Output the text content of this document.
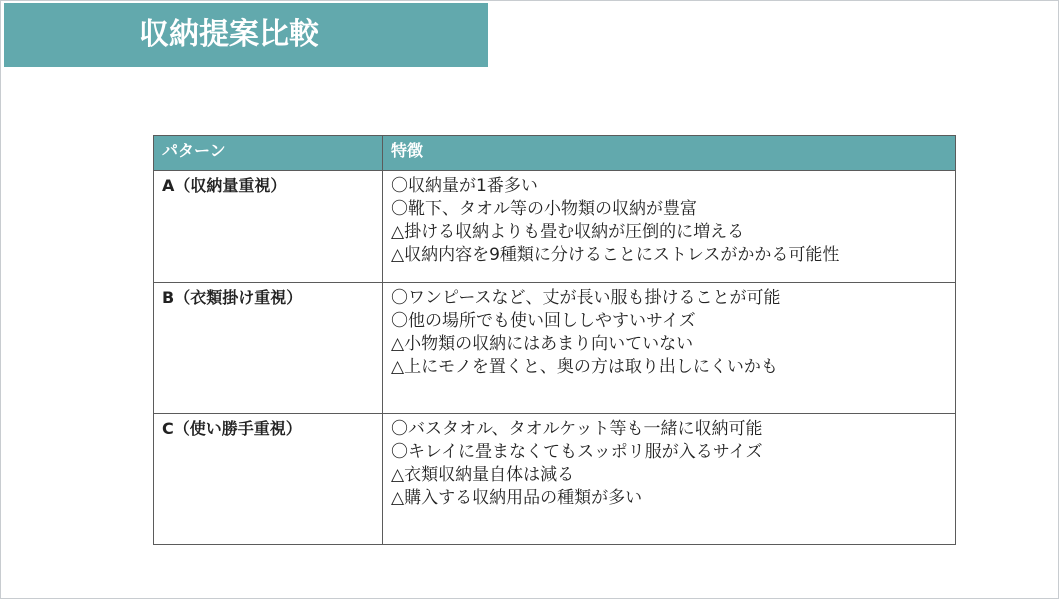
収納提案比較
パターン	特徴
A（収納量重視）	〇収納量が1番多い
〇靴下、タオル等の小物類の収納が豊富
△掛ける収納よりも畳む収納が圧倒的に増える
△収納内容を9種類に分けることにストレスがかかる可能性

B（衣類掛け重視）	〇ワンピースなど、丈が長い服も掛けることが可能
〇他の場所でも使い回ししやすいサイズ
△小物類の収納にはあまり向いていない
△上にモノを置くと、奥の方は取り出しにくいかも

C（使い勝手重視）	〇バスタオル、タオルケット等も一緒に収納可能
〇キレイに畳まなくてもスッポリ服が入るサイズ
△衣類収納量自体は減る
△購入する収納用品の種類が多い
